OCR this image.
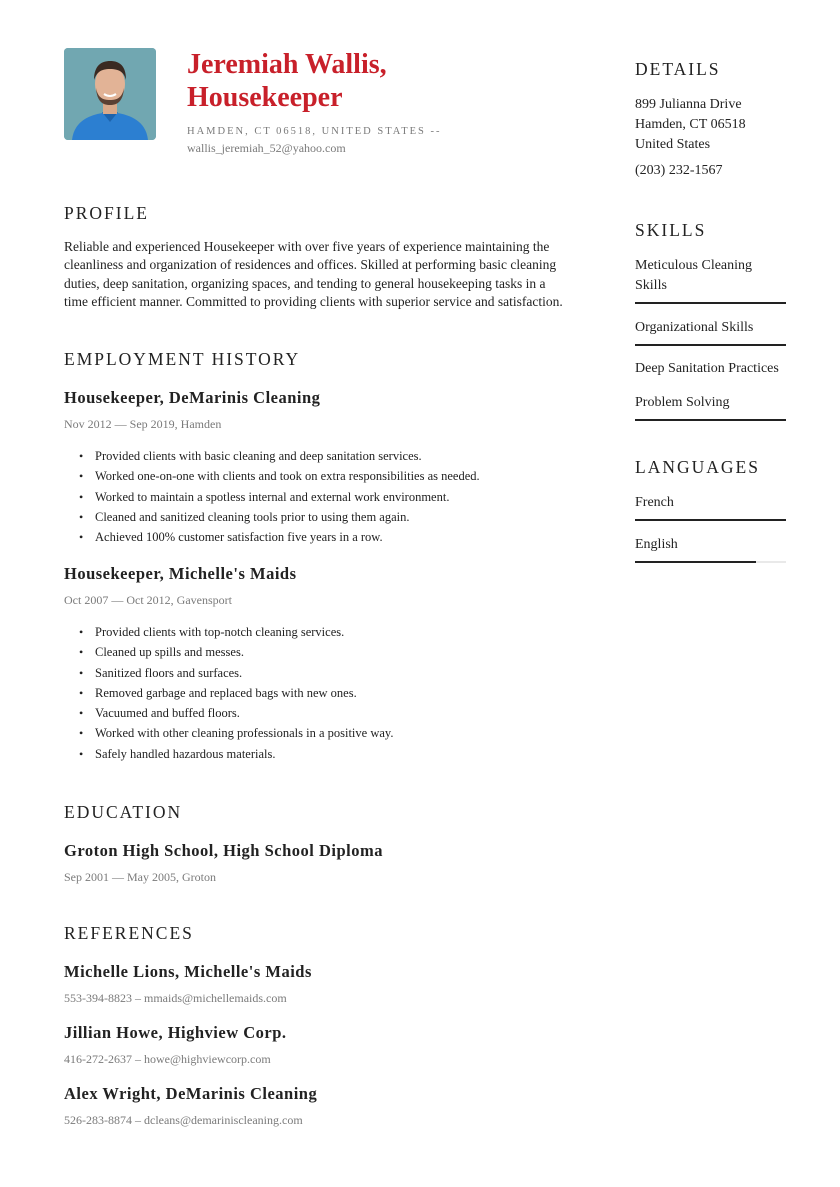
Jeremiah Wallis,
Housekeeper
HAMDEN, CT 06518, UNITED STATES --
wallis_jeremiah_52@yahoo.com
PROFILE

Reliable and experienced Housekeeper with over five years of experience maintaining the cleanliness and organization of residences and offices. Skilled at performing basic cleaning duties, deep sanitation, organizing spaces, and tending to general housekeeping tasks in a time efficient manner. Committed to providing clients with superior service and satisfaction.

EMPLOYMENT HISTORY
Housekeeper, DeMarinis Cleaning
Nov 2012 — Sep 2019, Hamden
• Provided clients with basic cleaning and deep sanitation services.
• Worked one-on-one with clients and took on extra responsibilities as needed.
• Worked to maintain a spotless internal and external work environment.
• Cleaned and sanitized cleaning tools prior to using them again.
• Achieved 100% customer satisfaction five years in a row.
Housekeeper, Michelle's Maids
Oct 2007 — Oct 2012, Gavensport
• Provided clients with top-notch cleaning services.
• Cleaned up spills and messes.
• Sanitized floors and surfaces.
• Removed garbage and replaced bags with new ones.
• Vacuumed and buffed floors.
• Worked with other cleaning professionals in a positive way.
• Safely handled hazardous materials.
EDUCATION
Groton High School, High School Diploma
Sep 2001 — May 2005, Groton
REFERENCES
Michelle Lions, Michelle's Maids
553-394-8823 – mmaids@michellemaids.com
Jillian Howe, Highview Corp.
416-272-2637 – howe@highviewcorp.com
Alex Wright, DeMarinis Cleaning
526-283-8874 – dcleans@demariniscleaning.com
DETAILS
899 Julianna Drive
Hamden, CT 06518
United States
(203) 232-1567
SKILLS
Meticulous Cleaning Skills
Organizational Skills
Deep Sanitation Practices
Problem Solving
LANGUAGES
French
English
